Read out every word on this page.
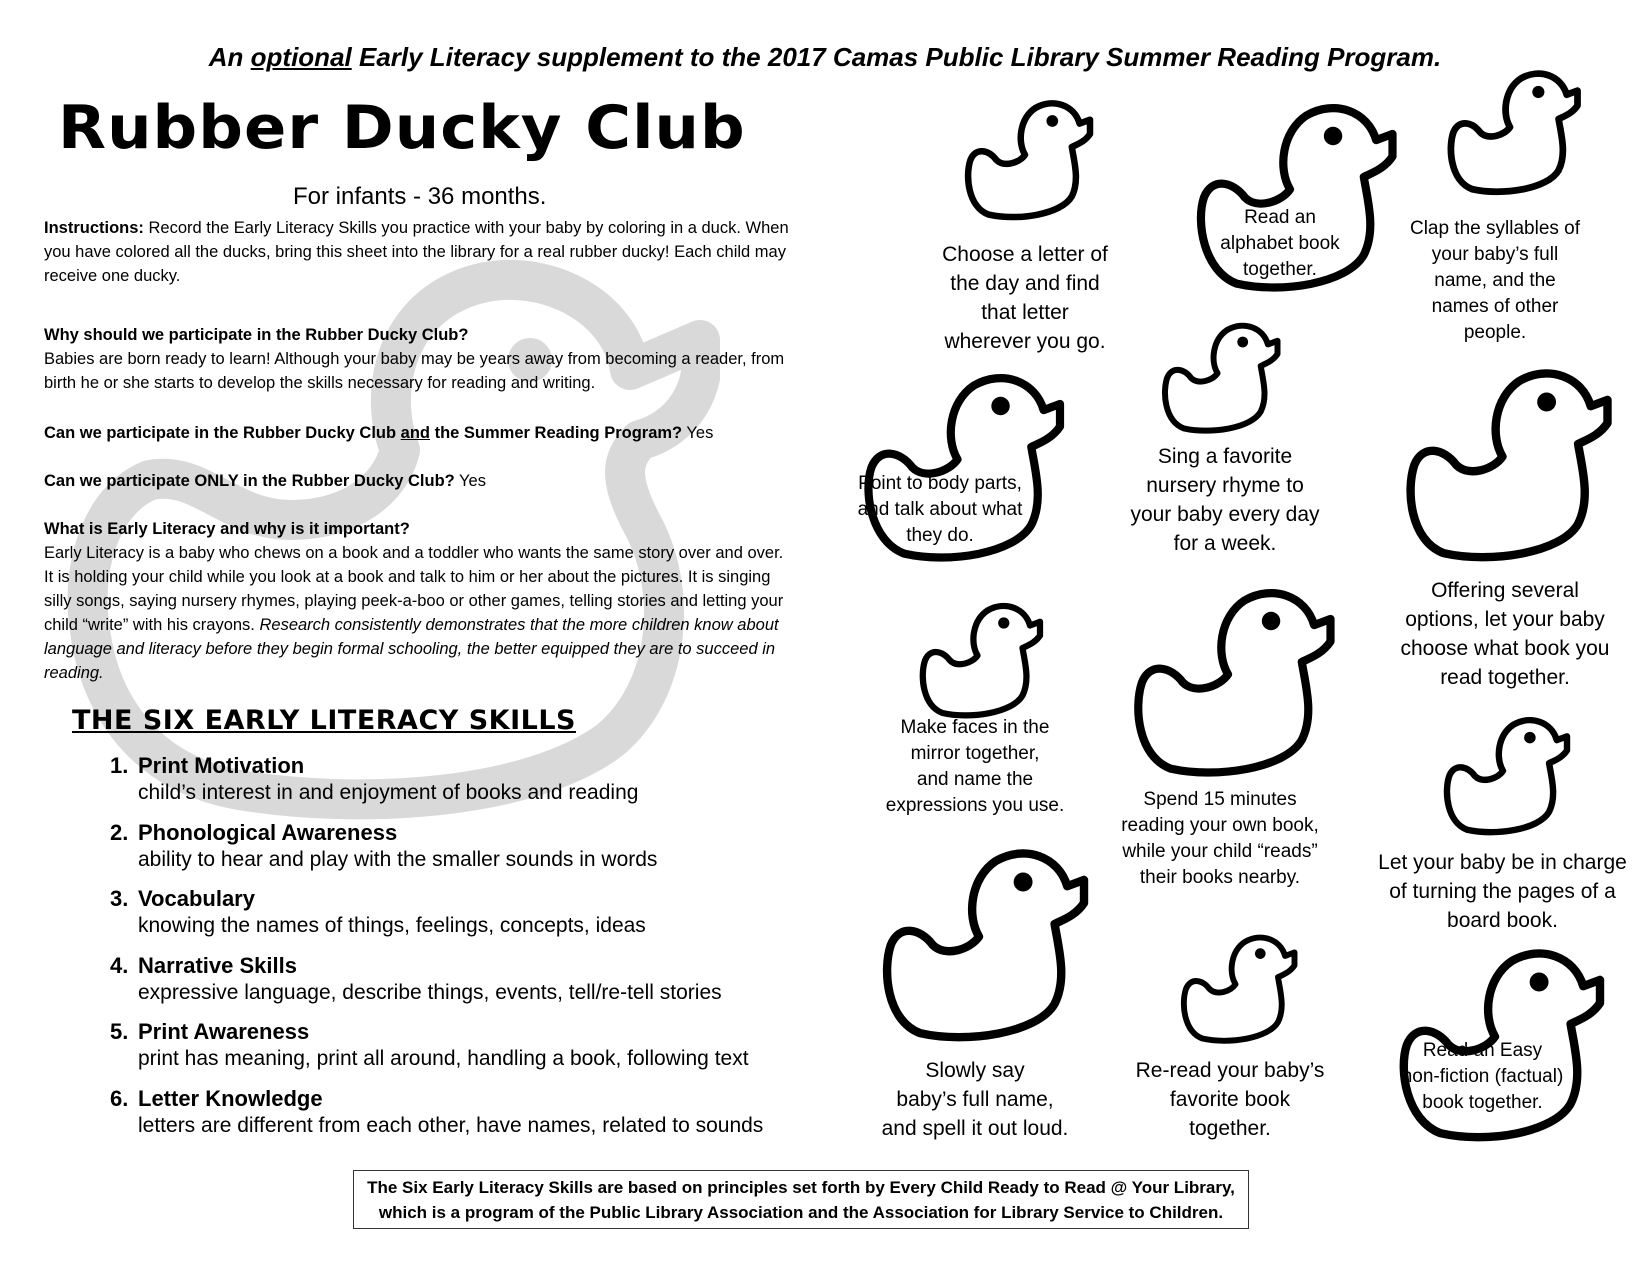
An optional Early Literacy supplement to the 2017 Camas Public Library Summer Reading Program.
Rubber Ducky Club
For infants - 36 months.
Instructions: Record the Early Literacy Skills you practice with your baby by coloring in a duck. When you have colored all the ducks, bring this sheet into the library for a real rubber ducky! Each child may receive one ducky.
Why should we participate in the Rubber Ducky Club?
Babies are born ready to learn! Although your baby may be years away from becoming a reader, from birth he or she starts to develop the skills necessary for reading and writing.
Can we participate in the Rubber Ducky Club and the Summer Reading Program? Yes
Can we participate ONLY in the Rubber Ducky Club? Yes
What is Early Literacy and why is it important?
Early Literacy is a baby who chews on a book and a toddler who wants the same story over and over. It is holding your child while you look at a book and talk to him or her about the pictures. It is singing silly songs, saying nursery rhymes, playing peek-a-boo or other games, telling stories and letting your child “write” with his crayons. Research consistently demonstrates that the more children know about language and literacy before they begin formal schooling, the better equipped they are to succeed in reading.
THE SIX EARLY LITERACY SKILLS
1. Print Motivation
child’s interest in and enjoyment of books and reading
2. Phonological Awareness
ability to hear and play with the smaller sounds in words
3. Vocabulary
knowing the names of things, feelings, concepts, ideas
4. Narrative Skills
expressive language, describe things, events, tell/re-tell stories
5. Print Awareness
print has meaning, print all around, handling a book, following text
6. Letter Knowledge
letters are different from each other, have names, related to sounds
The Six Early Literacy Skills are based on principles set forth by Every Child Ready to Read @ Your Library, which is a program of the Public Library Association and the Association for Library Service to Children.
Choose a letter of
the day and find
that letter
wherever you go.
Read an
alphabet book
together.
Clap the syllables of
your baby’s full
name, and the
names of other
people.
Point to body parts,
and talk about what
they do.
Sing a favorite
nursery rhyme to
your baby every day
for a week.
Offering several
options, let your baby
choose what book you
read together.
Make faces in the
mirror together,
and name the
expressions you use.	Spend 15 minutes
reading your own book,
while your child “reads”
their books nearby.
Let your baby be in charge
of turning the pages of a
board book.
Slowly say
baby’s full name,
and spell it out loud.
Re-read your baby’s
favorite book
together.
Read an Easy
non-fiction (factual)
book together.
